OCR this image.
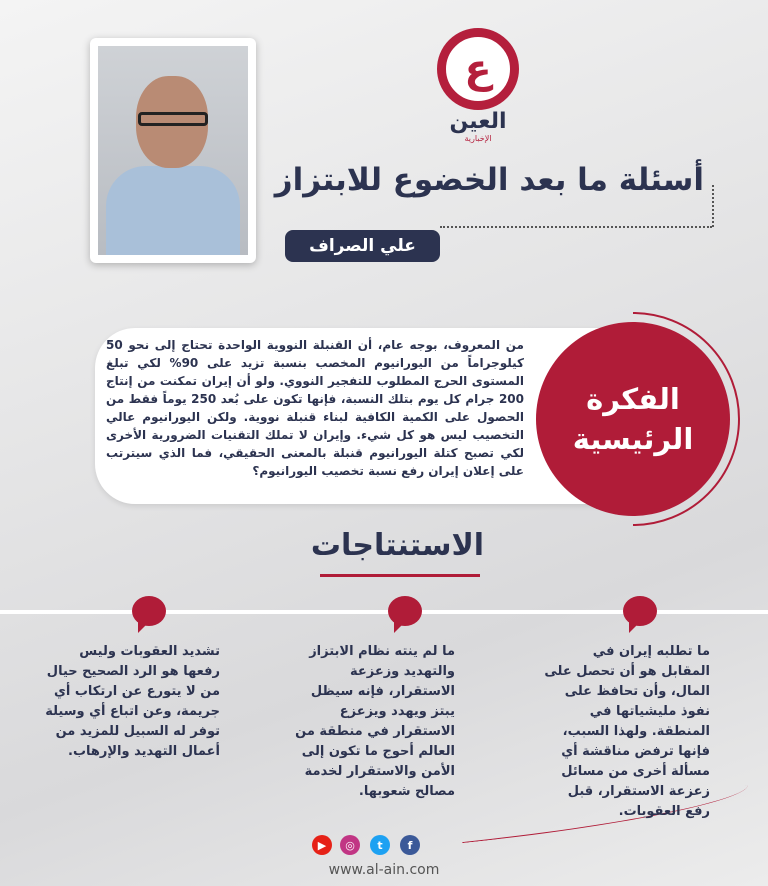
ع
العين
الإخبارية
أسئلة ما بعد الخضوع للابتزاز
علي الصراف
الفكرة
الرئيسية
من المعروف، بوجه عام، أن القنبلة النووية الواحدة تحتاج إلى نحو 50 كيلوجراماً من اليورانيوم المخصب بنسبة تزيد على 90% لكي تبلغ المستوى الحرج المطلوب للتفجير النووي. ولو أن إيران تمكنت من إنتاج 200 جرام كل يوم بتلك النسبة، فإنها تكون على بُعد 250 يوماً فقط من الحصول على الكمية الكافية لبناء قنبلة نووية. ولكن اليورانيوم عالي التخصيب ليس هو كل شيء. وإيران لا تملك التقنيات الضرورية الأخرى لكي تصبح كتلة اليورانيوم قنبلة بالمعنى الحقيقي، فما الذي سيترتب على إعلان إيران رفع نسبة تخصيب اليورانيوم؟
الاستنتاجات
ما تطلبه إيران في المقابل هو أن تحصل على المال، وأن تحافظ على نفوذ مليشياتها في المنطقة. ولهذا السبب، فإنها ترفض مناقشة أي مسألة أخرى من مسائل زعزعة الاستقرار، قبل رفع العقوبات.
ما لم ينته نظام الابتزاز والتهديد وزعزعة الاستقرار، فإنه سيظل يبتز ويهدد ويزعزع الاستقرار في منطقة من العالم أحوج ما تكون إلى الأمن والاستقرار لخدمة مصالح شعوبها.
تشديد العقوبات وليس رفعها هو الرد الصحيح حيال من لا يتورع عن ارتكاب أي جريمة، وعن اتباع أي وسيلة توفر له السبيل للمزيد من أعمال التهديد والإرهاب.
▶	◎	t	f
www.al-ain.com
